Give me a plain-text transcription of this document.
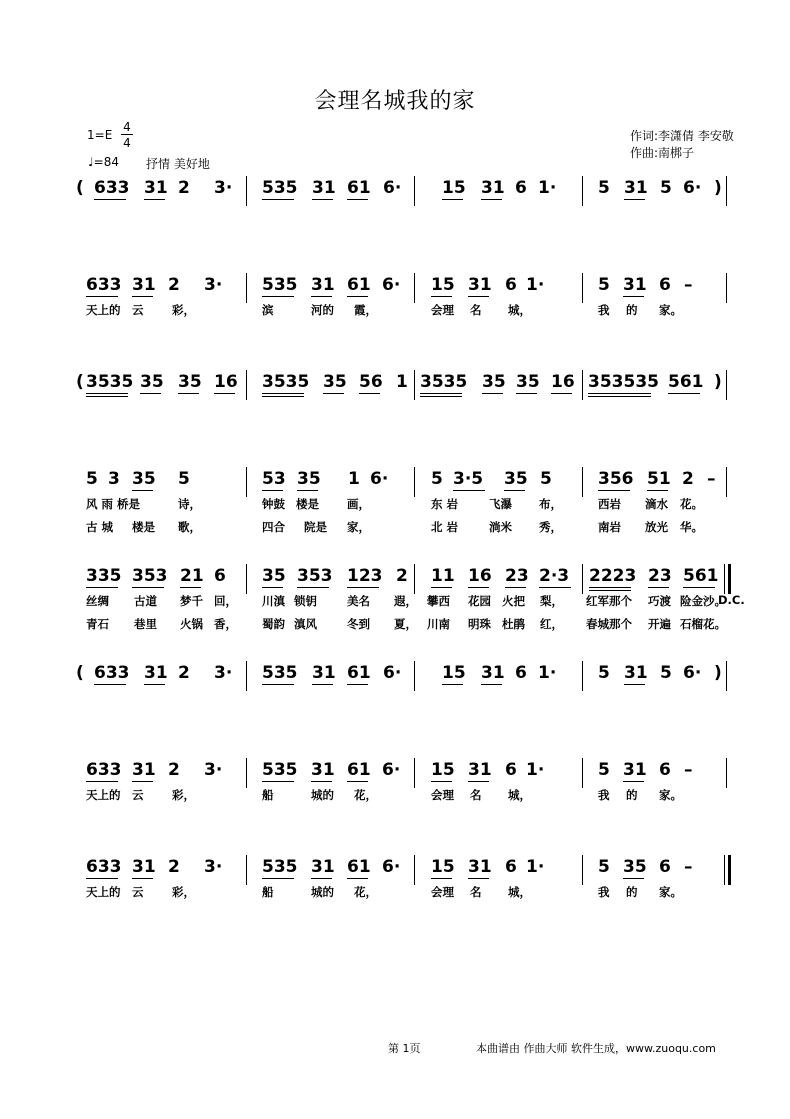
会理名城我的家
1=E
4
4
♩=84 抒情 美好地
作词:李潇倩 李安敬
作曲:南梆子
( 633 31 2 3· 535 31 61 6· 15 31 6 1· 5 31 5 6· )
633 31 2 3· 535 31 61 6· 15 31 6 1·	5 31 6 –
天上的 云 彩，	滨	河的 霞，	会理 名 城，	我 的 家。
( 3535 35 35 16 3535 35 56 1 3535 35 35 16 353535 561 )
5 3 35 5	53 35 1 6·	5 3·5 35 5	356 51 2 –
风 雨 桥是	诗，	钟鼓 楼是 画，	东 岩	飞瀑 布，	西岩 滴水 花。
古 城 楼是 歌，	四合 院是 家，	北 岩	淌米 秀，	南岩 放光 华。
335 353 21 6 35 353 123 2 11 16 23 2·3 2223 23 561
丝绸 古道 梦千 回， 川滇 锁钥	美名 遐， 攀西 花园 火把 梨， 红军那个 巧渡 险金沙。
D.C.
青石 巷里 火锅 香， 蜀韵 滇风	冬到 夏， 川南 明珠 杜鹃 红， 春城那个 开遍 石榴花。
( 633 31 2 3· 535 31 61 6· 15 31 6 1· 5 31 5 6· )
633 31 2 3· 535 31 61 6· 15 31 6 1·	5 31 6 –
天上的 云 彩，	船	城的 花，	会理 名 城，	我 的 家。
633 31 2 3· 535 31 61 6· 15 31 6 1·	5 35 6 –
天上的 云 彩，	船	城的 花，	会理 名 城，	我 的 家。
第 1页	本曲谱由 作曲大师 软件生成，www.zuoqu.com
